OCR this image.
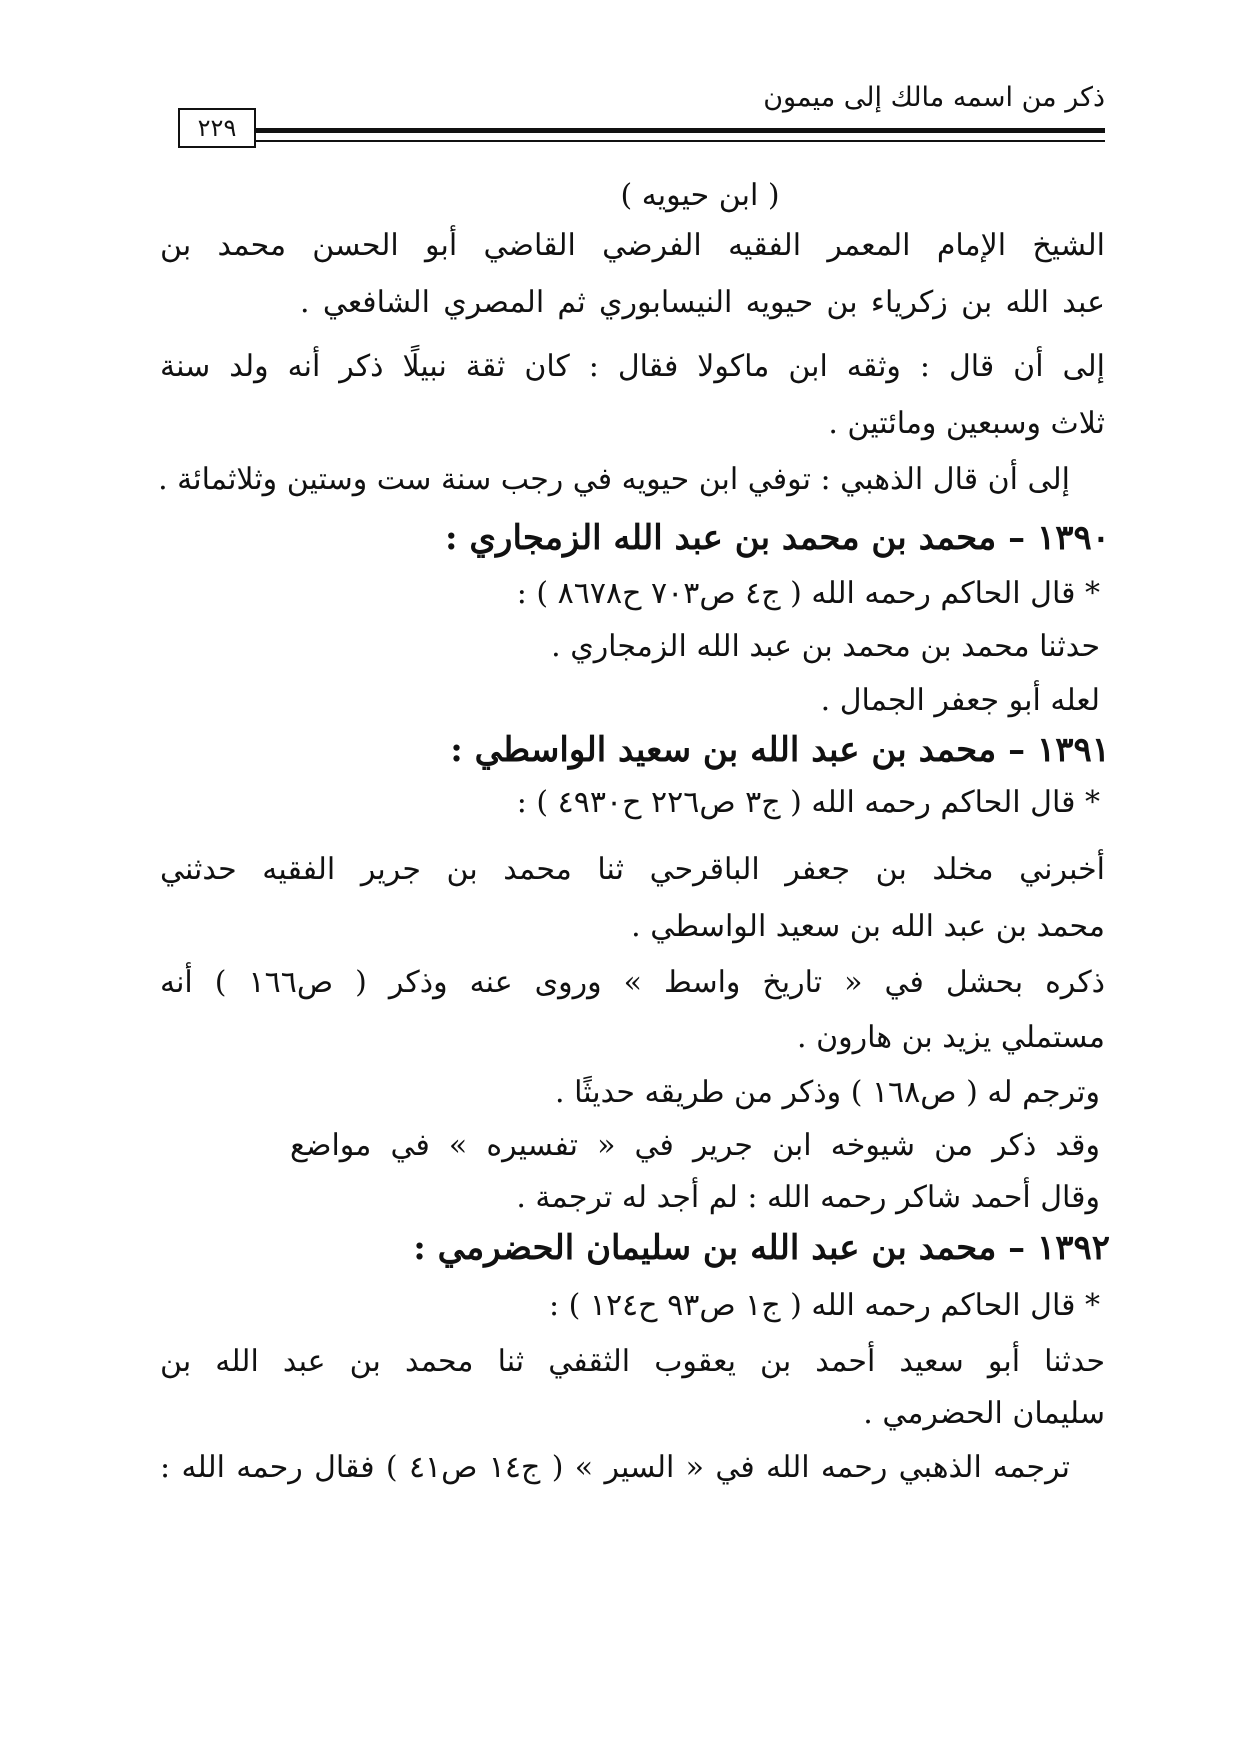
ذكر من اسمه مالك إلى ميمون
٢٢٩
( ابن حيويه )
الشيخ الإمام المعمر الفقيه الفرضي القاضي أبو الحسن محمد بن
عبد الله بن زكرياء بن حيويه النيسابوري ثم المصري الشافعي .
إلى أن قال : وثقه ابن ماكولا فقال : كان ثقة نبيلًا ذكر أنه ولد سنة
ثلاث وسبعين ومائتين .
إلى أن قال الذهبي : توفي ابن حيويه في رجب سنة ست وستين وثلاثمائة .
١٣٩٠ – محمد بن محمد بن عبد الله الزمجاري :
* قال الحاكم رحمه الله ( ج٤ ص٧٠٣ ح٨٦٧٨ ) :
حدثنا محمد بن محمد بن عبد الله الزمجاري .
لعله أبو جعفر الجمال .
١٣٩١ – محمد بن عبد الله بن سعيد الواسطي :
* قال الحاكم رحمه الله ( ج٣ ص٢٢٦ ح٤٩٣٠ ) :
أخبرني مخلد بن جعفر الباقرحي ثنا محمد بن جرير الفقيه حدثني
محمد بن عبد الله بن سعيد الواسطي .
ذكره بحشل في « تاريخ واسط » وروى عنه وذكر ( ص١٦٦ ) أنه
مستملي يزيد بن هارون .
وترجم له ( ص١٦٨ ) وذكر من طريقه حديثًا .
وقد ذكر من شيوخه ابن جرير في « تفسيره » في مواضع
وقال أحمد شاكر رحمه الله : لم أجد له ترجمة .
١٣٩٢ – محمد بن عبد الله بن سليمان الحضرمي :
* قال الحاكم رحمه الله ( ج١ ص٩٣ ح١٢٤ ) :
حدثنا أبو سعيد أحمد بن يعقوب الثقفي ثنا محمد بن عبد الله بن
سليمان الحضرمي .
ترجمه الذهبي رحمه الله في « السير » ( ج١٤ ص٤١ ) فقال رحمه الله :
